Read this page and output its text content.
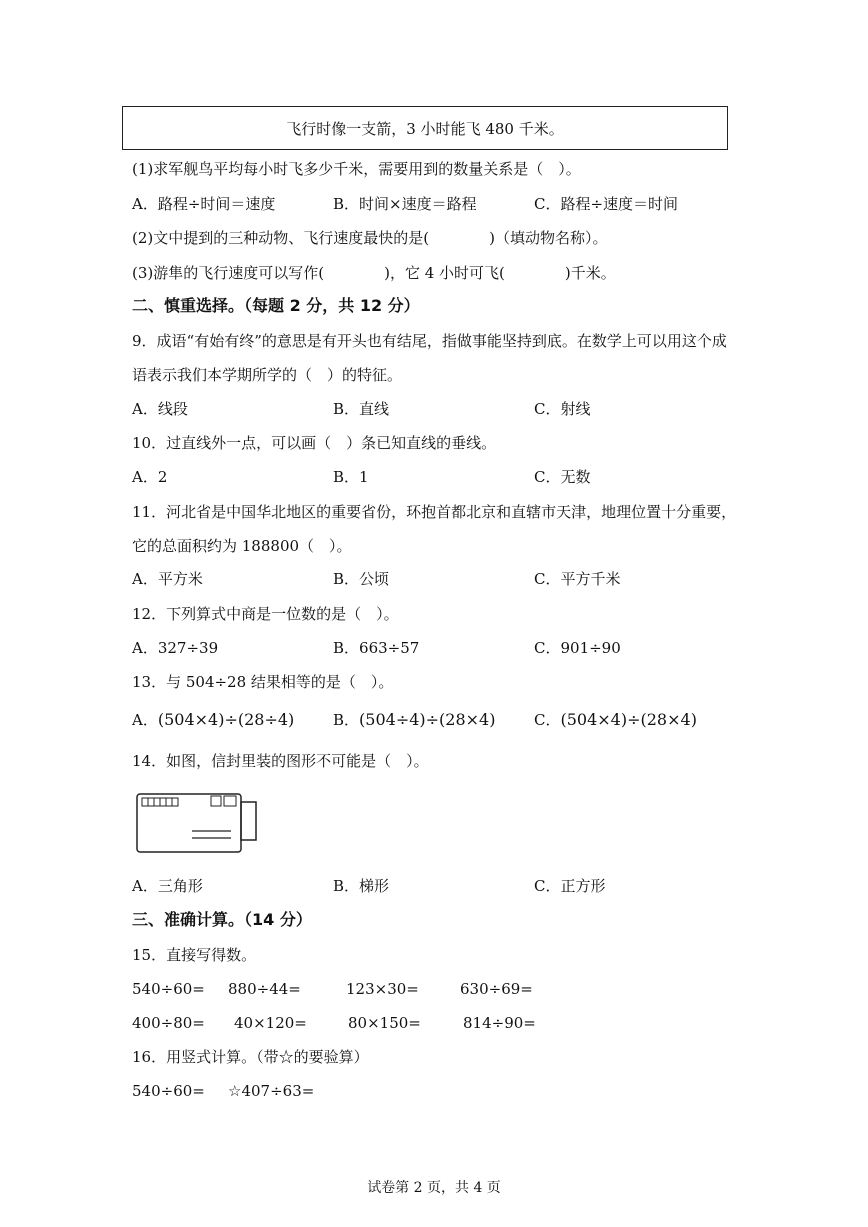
飞行时像一支箭，3 小时能飞 480 千米。
(1)求军舰鸟平均每小时飞多少千米，需要用到的数量关系是（　）。
A．路程÷时间＝速度	B．时间×速度＝路程	C．路程÷速度＝时间
(2)文中提到的三种动物、飞行速度最快的是(　　　　)（填动物名称）。
(3)游隼的飞行速度可以写作(　　　　)，它 4 小时可飞(　　　　)千米。
二、慎重选择。（每题 2 分，共 12 分）
9．成语“有始有终”的意思是有开头也有结尾，指做事能坚持到底。在数学上可以用这个成
语表示我们本学期所学的（　）的特征。
A．线段	B．直线	C．射线
10．过直线外一点，可以画（　）条已知直线的垂线。
A．2	B．1	C．无数
11．河北省是中国华北地区的重要省份，环抱首都北京和直辖市天津，地理位置十分重要，
它的总面积约为 188800（　）。
A．平方米	B．公顷	C．平方千米
12．下列算式中商是一位数的是（　）。
A．327÷39	B．663÷57	C．901÷90
13．与 504÷28 结果相等的是（　）。
A．(504×4)÷(28÷4)	B．(504÷4)÷(28×4)	C．(504×4)÷(28×4)
14．如图，信封里装的图形不可能是（　）。
A．三角形	B．梯形	C．正方形
三、准确计算。（14 分）
15．直接写得数。
540÷60= 880÷44=	123×30=	630÷69=
400÷80= 40×120=	80×150=	814÷90=
16．用竖式计算。（带☆的要验算）
540÷60= ☆407÷63=
试卷第 2 页，共 4 页
